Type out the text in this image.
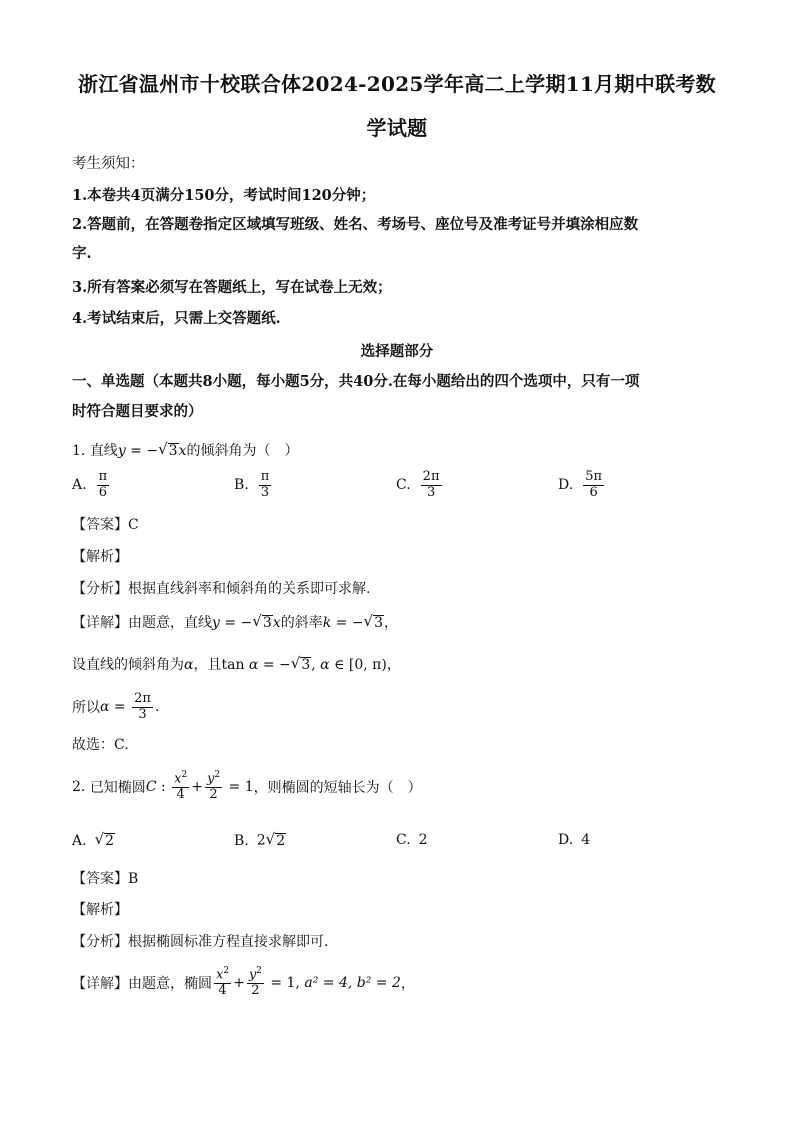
浙江省温州市十校联合体2024-2025学年高二上学期11月期中联考数
学试题
考生须知：
1.本卷共4页满分150分，考试时间120分钟；
2.答题前，在答题卷指定区域填写班级、姓名、考场号、座位号及准考证号并填涂相应数
字.
3.所有答案必须写在答题纸上，写在试卷上无效；
4.考试结束后，只需上交答题纸.
选择题部分
一、单选题（本题共8小题，每小题5分，共40分.在每小题给出的四个选项中，只有一项
时符合题目要求的）
1. 直线y = − √ 3 x的倾斜角为（　）
A. $\frac{\pi}{6}$	B. $\frac{\pi}{3}$	C. $\frac{2\pi}{3}$	D. $\frac{5\pi}{6}$
【答案】C
【解析】
【分析】根据直线斜率和倾斜角的关系即可求解.
【详解】由题意，直线y = − √ 3 x的斜率k = − √ 3 ，
设直线的倾斜角为α，且tan α = − √ 3 , α ∈ [0, π)，
所以 $\alpha = \frac{2\pi}{3}$ .
故选：C.
2.
已知椭圆 C : $\frac{x^2}{4} + \frac{y^2}{2}$
= 1 ，则椭圆的短轴长为（　）
A. √ 2	B. 2 √ 2	C. 2	D. 4
【答案】B
【解析】
【分析】根据椭圆标准方程直接求解即可.
【详解】 由题意，椭圆 $\frac{x^2}{4} + \frac{y^2}{2}$
= 1 , a² = 4, b² = 2 ，
